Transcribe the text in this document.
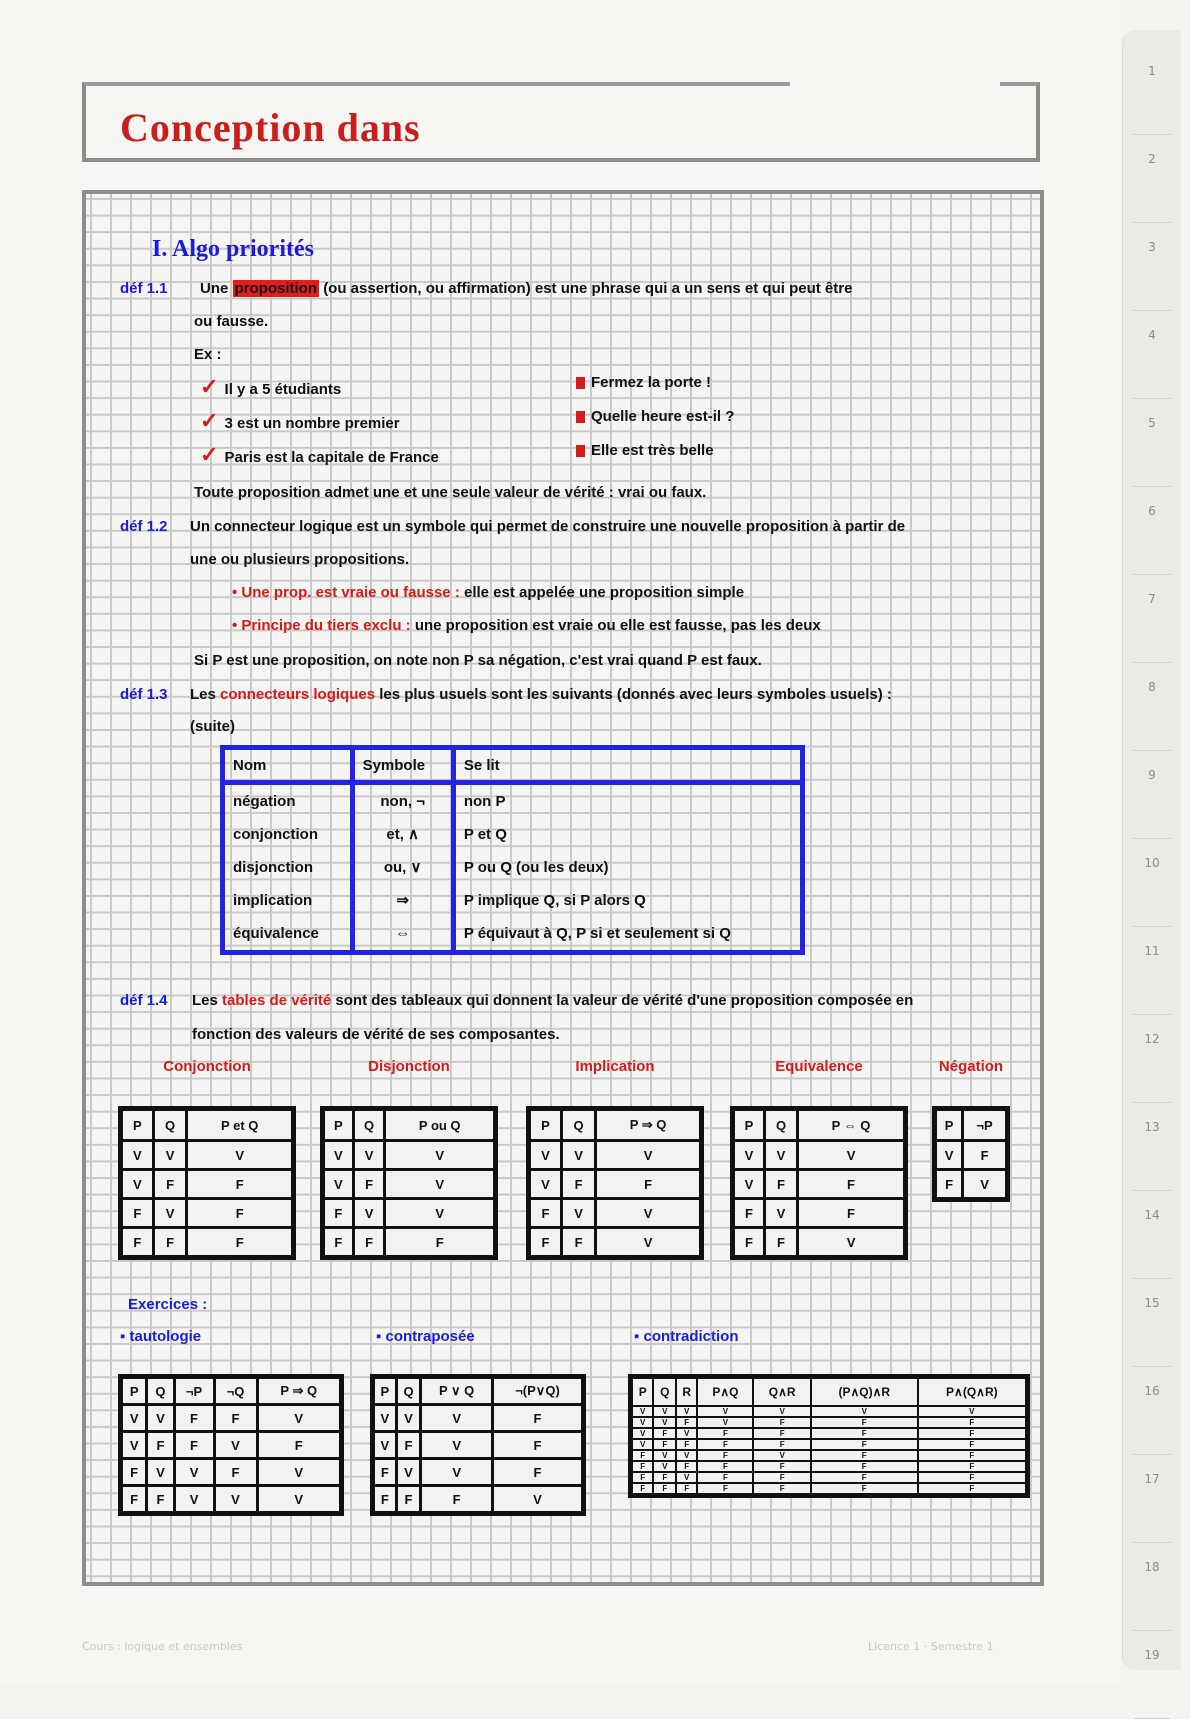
1
2
3
4
5
6
7
8
9
10
11
12
13
14
15
16
17
18
19
Conception dans
I. Algo priorités
déf 1.1 Une proposition (ou assertion, ou affirmation) est une phrase qui a un sens et qui peut être
ou fausse.
Ex :
✓ Il y a 5 étudiants
✓ 3 est un nombre premier
✓ Paris est la capitale de France
Fermez la porte !
Quelle heure est-il ?
Elle est très belle
Toute proposition admet une et une seule valeur de vérité : vrai ou faux.
déf 1.2 Un connecteur logique est un symbole qui permet de construire une nouvelle proposition à partir de
une ou plusieurs propositions.
• Une prop. est vraie ou fausse : elle est appelée une proposition simple
• Principe du tiers exclu : une proposition est vraie ou elle est fausse, pas les deux
Si P est une proposition, on note non P sa négation, c'est vrai quand P est faux.
déf 1.3 Les connecteurs logiques les plus usuels sont les suivants (donnés avec leurs symboles usuels) :
(suite)
Nom	Symbole	Se lit
négation	non, ¬	non P
conjonction	et, ∧	P et Q
disjonction	ou, ∨	P ou Q (ou les deux)
implication	⇒	P implique Q, si P alors Q
équivalence	⇔	P équivaut à Q, P si et seulement si Q
déf 1.4 Les tables de vérité sont des tableaux qui donnent la valeur de vérité d'une proposition composée en
fonction des valeurs de vérité de ses composantes.
Conjonction
P	Q	P et Q
V	V	V
V	F	F
F	V	F
F	F	F
Disjonction
P	Q	P ou Q
V	V	V
V	F	V
F	V	V
F	F	F
Implication
P	Q	P ⇒ Q
V	V	V
V	F	F
F	V	V
F	F	V
Equivalence
P	Q	P ⇔ Q
V	V	V
V	F	F
F	V	F
F	F	V
Négation
P	¬P
V	F
F	V
Exercices :
▪ tautologie	▪ contraposée	▪ contradiction
P	Q	¬P	¬Q	P ⇒ Q
V	V	F	F	V
V	F	F	V	F
F	V	V	F	V
F	F	V	V	V
P	Q	P ∨ Q	¬(P∨Q)
V	V	V	F
V	F	V	F
F	V	V	F
F	F	F	V
P	Q	R	P∧Q	Q∧R	(P∧Q)∧R	P∧(Q∧R)
V	V	V	V	V	V	V
V	V	F	V	F	F	F
V	F	V	F	F	F	F
V	F	F	F	F	F	F
F	V	V	F	V	F	F
F	V	F	F	F	F	F
F	F	V	F	F	F	F
F	F	F	F	F	F	F
Cours : logique et ensembles	Licence 1 · Semestre 1
